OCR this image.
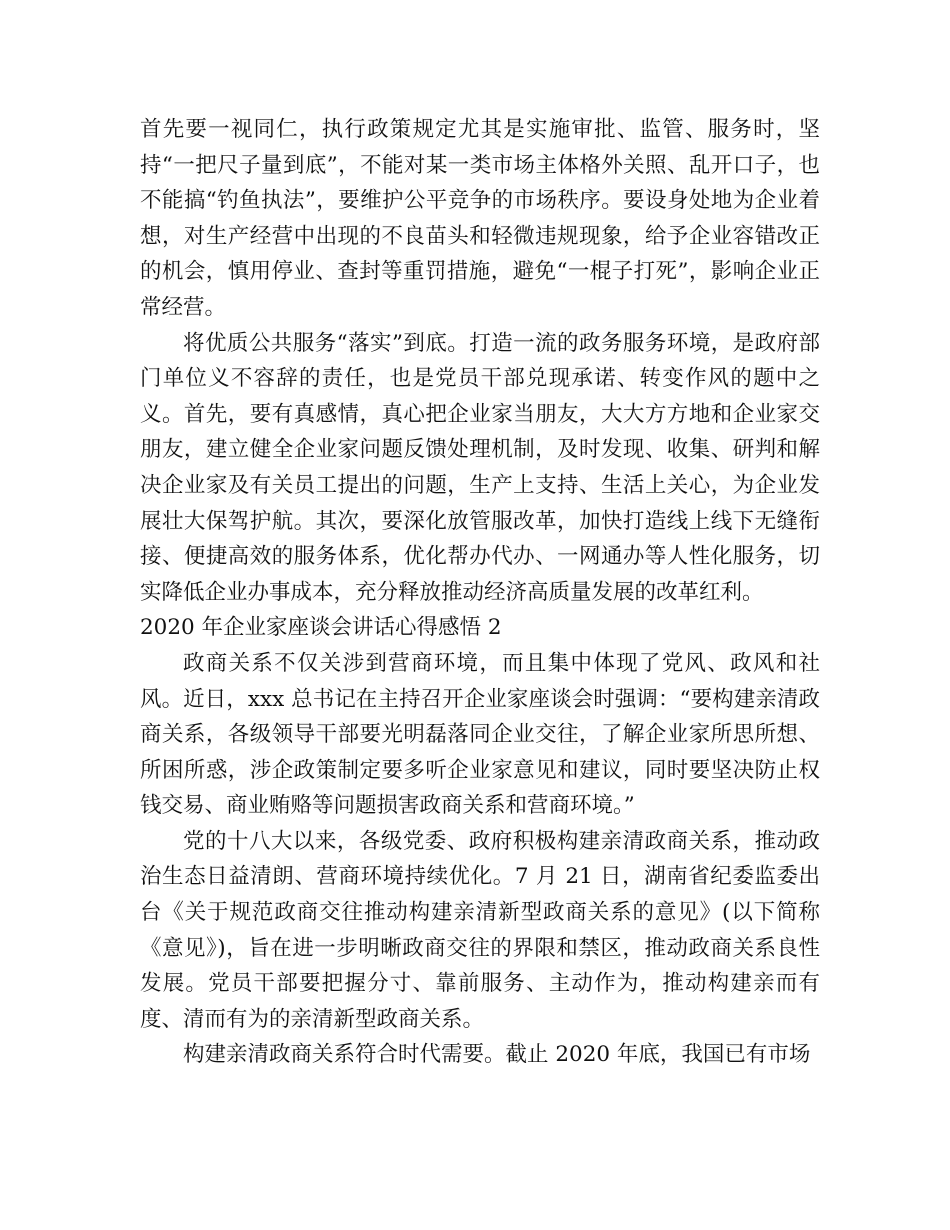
首先要一视同仁，执行政策规定尤其是实施审批、监管、服务时，坚持“一把尺子量到底”，不能对某一类市场主体格外关照、乱开口子，也不能搞“钓鱼执法”，要维护公平竞争的市场秩序。要设身处地为企业着想，对生产经营中出现的不良苗头和轻微违规现象，给予企业容错改正的机会，慎用停业、查封等重罚措施，避免“一棍子打死”，影响企业正常经营。

将优质公共服务“落实”到底。打造一流的政务服务环境，是政府部门单位义不容辞的责任，也是党员干部兑现承诺、转变作风的题中之义。首先，要有真感情，真心把企业家当朋友，大大方方地和企业家交朋友，建立健全企业家问题反馈处理机制，及时发现、收集、研判和解决企业家及有关员工提出的问题，生产上支持、生活上关心，为企业发展壮大保驾护航。其次，要深化放管服改革，加快打造线上线下无缝衔接、便捷高效的服务体系，优化帮办代办、一网通办等人性化服务，切实降低企业办事成本，充分释放推动经济高质量发展的改革红利。

2020 年企业家座谈会讲话心得感悟 2

政商关系不仅关涉到营商环境，而且集中体现了党风、政风和社风。近日，xxx 总书记在主持召开企业家座谈会时强调：“要构建亲清政商关系，各级领导干部要光明磊落同企业交往，了解企业家所思所想、所困所惑，涉企政策制定要多听企业家意见和建议，同时要坚决防止权钱交易、商业贿赂等问题损害政商关系和营商环境。”

党的十八大以来，各级党委、政府积极构建亲清政商关系，推动政治生态日益清朗、营商环境持续优化。7 月 21 日，湖南省纪委监委出台《关于规范政商交往推动构建亲清新型政商关系的意见》(以下简称《意见》)，旨在进一步明晰政商交往的界限和禁区，推动政商关系良性发展。党员干部要把握分寸、靠前服务、主动作为，推动构建亲而有度、清而有为的亲清新型政商关系。

构建亲清政商关系符合时代需要。截止 2020 年底，我国已有市场
